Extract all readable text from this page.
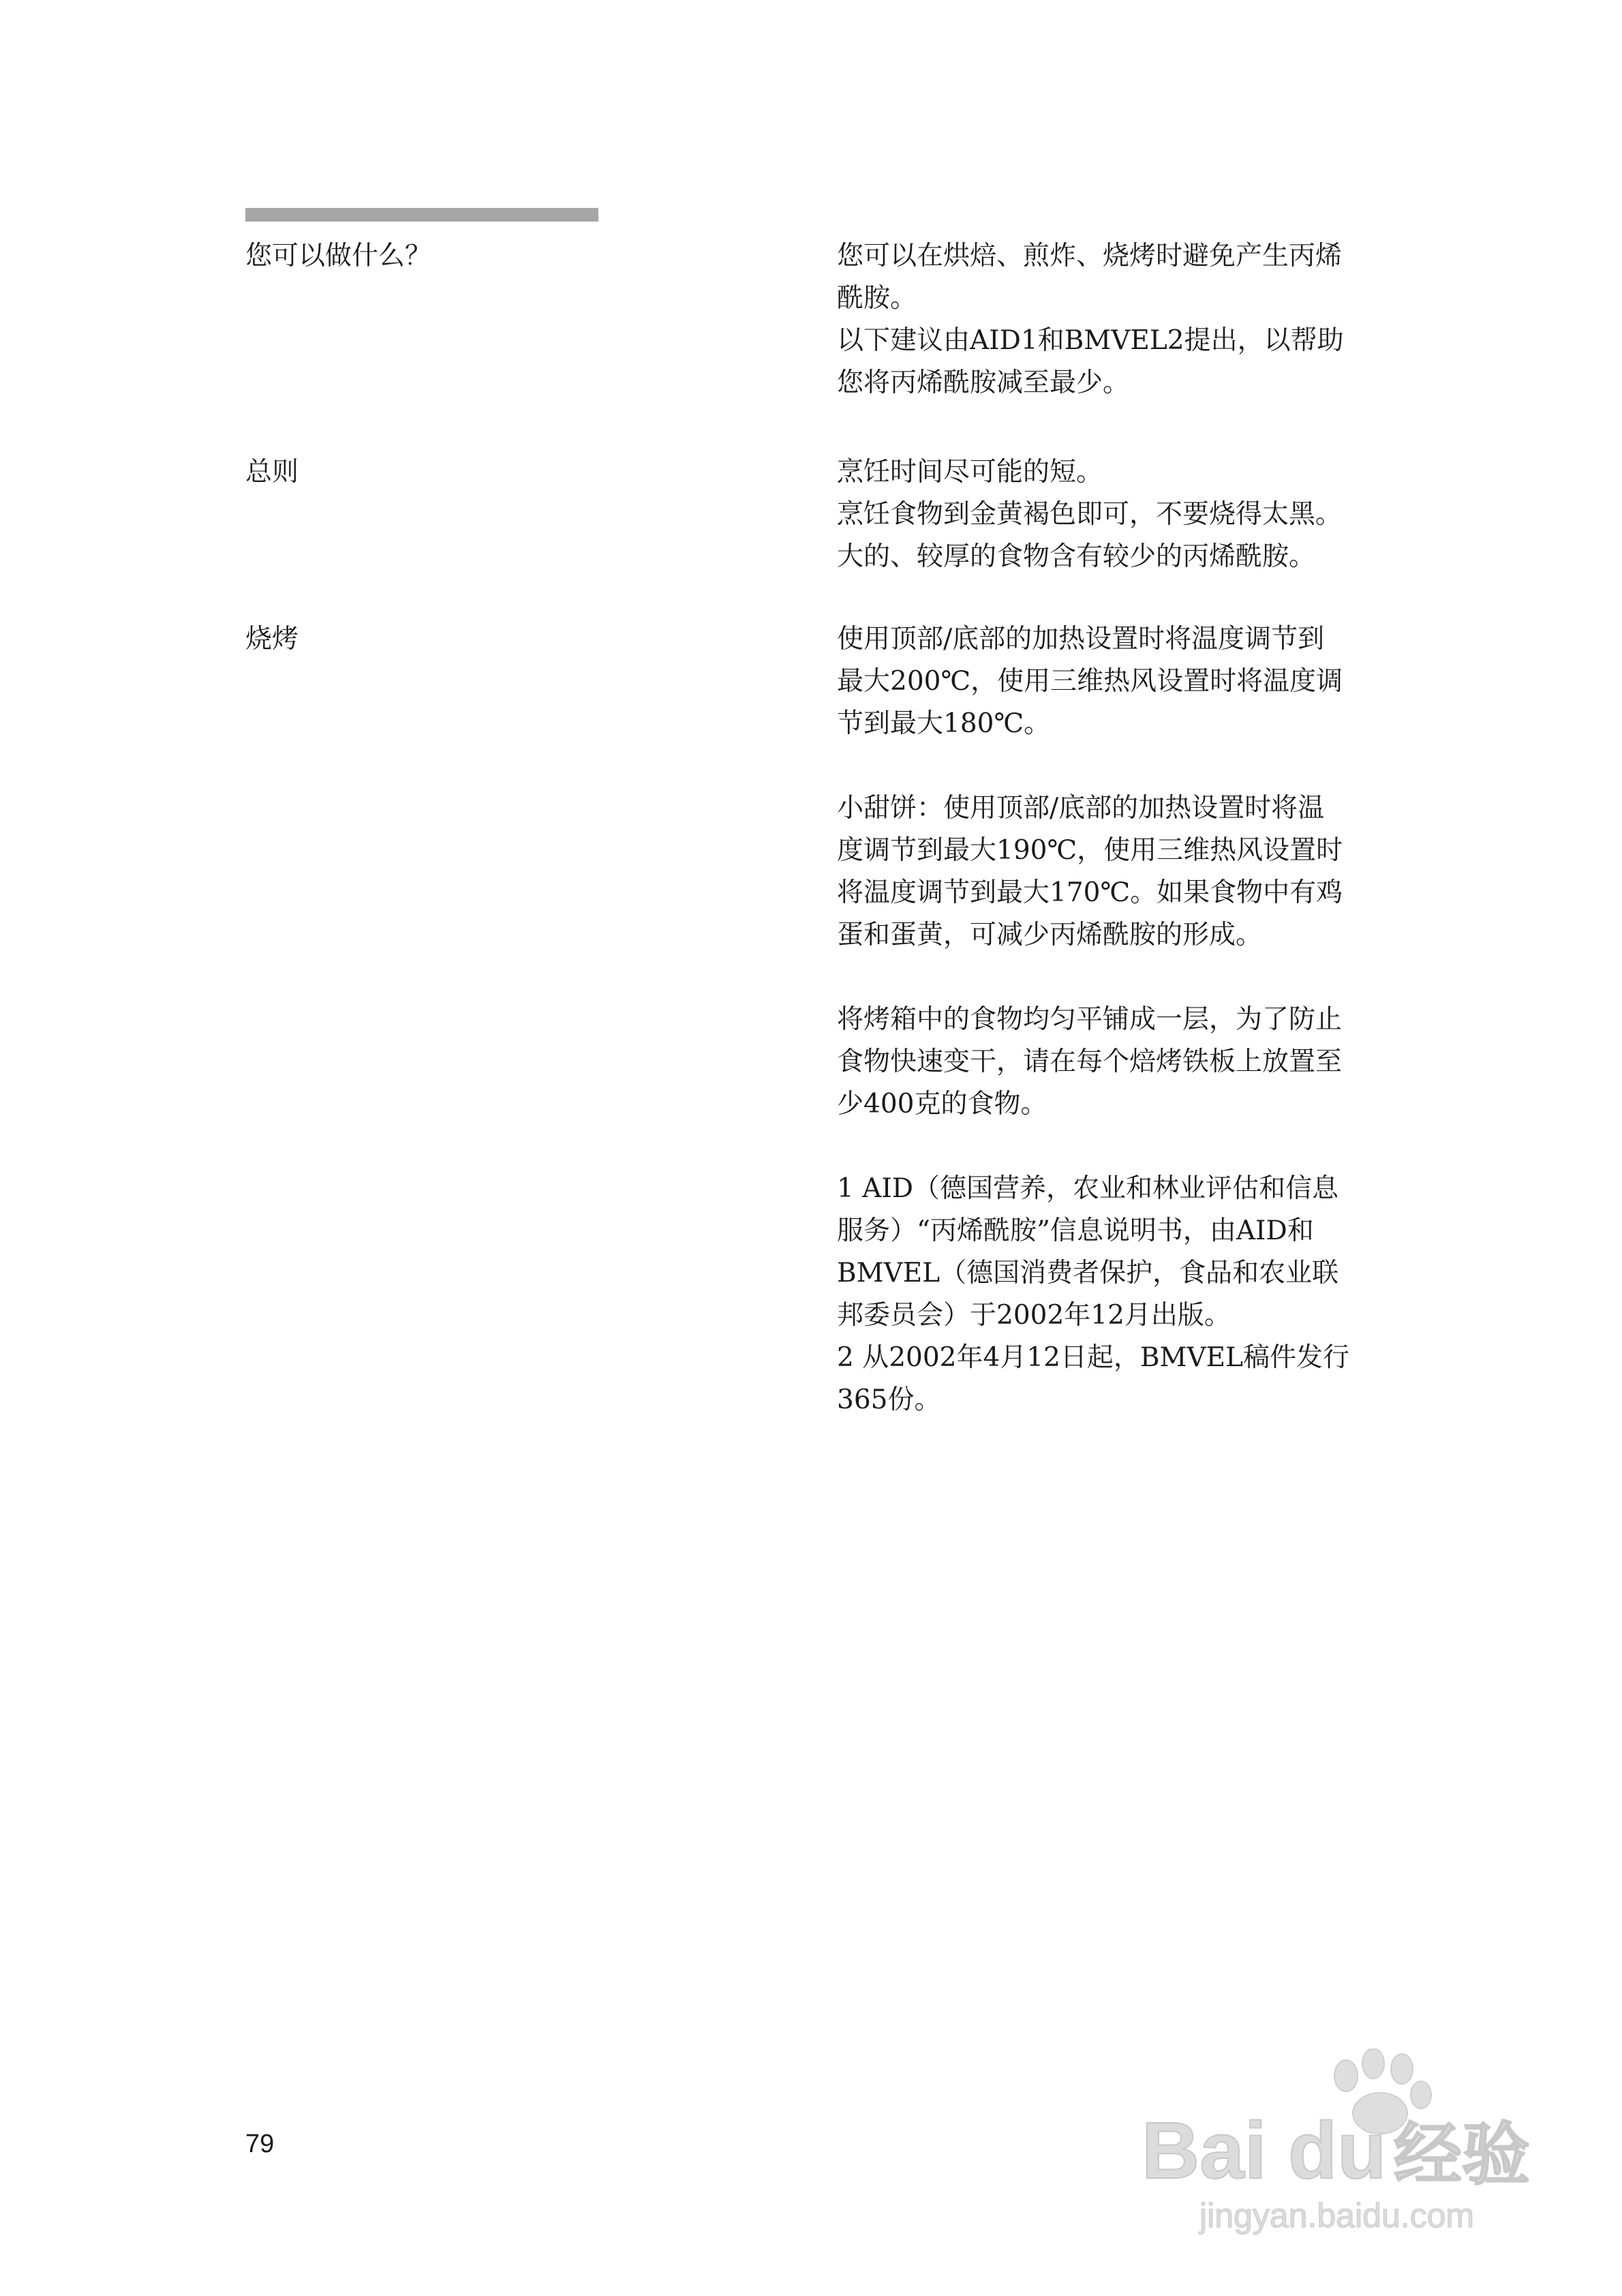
您可以做什么？	您可以在烘焙、煎炸、烧烤时避免产生丙烯

酰胺。

以下建议由AID1和BMVEL2提出，以帮助

您将丙烯酰胺减至最少。

总则	烹饪时间尽可能的短。

烹饪食物到金黄褐色即可，不要烧得太黑。

大的、较厚的食物含有较少的丙烯酰胺。

烧烤	使用顶部/底部的加热设置时将温度调节到

最大200℃，使用三维热风设置时将温度调

节到最大180℃。

小甜饼：使用顶部/底部的加热设置时将温

度调节到最大190℃，使用三维热风设置时

将温度调节到最大170℃。如果食物中有鸡

蛋和蛋黄，可减少丙烯酰胺的形成。

将烤箱中的食物均匀平铺成一层，为了防止

食物快速变干，请在每个焙烤铁板上放置至

少400克的食物。

1 AID（德国营养，农业和林业评估和信息

服务）“丙烯酰胺”信息说明书，由AID和

BMVEL（德国消费者保护，食品和农业联

邦委员会）于2002年12月出版。

2 从2002年4月12日起，BMVEL稿件发行

365份。

79	Bai du 经验
jingyan.baidu.com
